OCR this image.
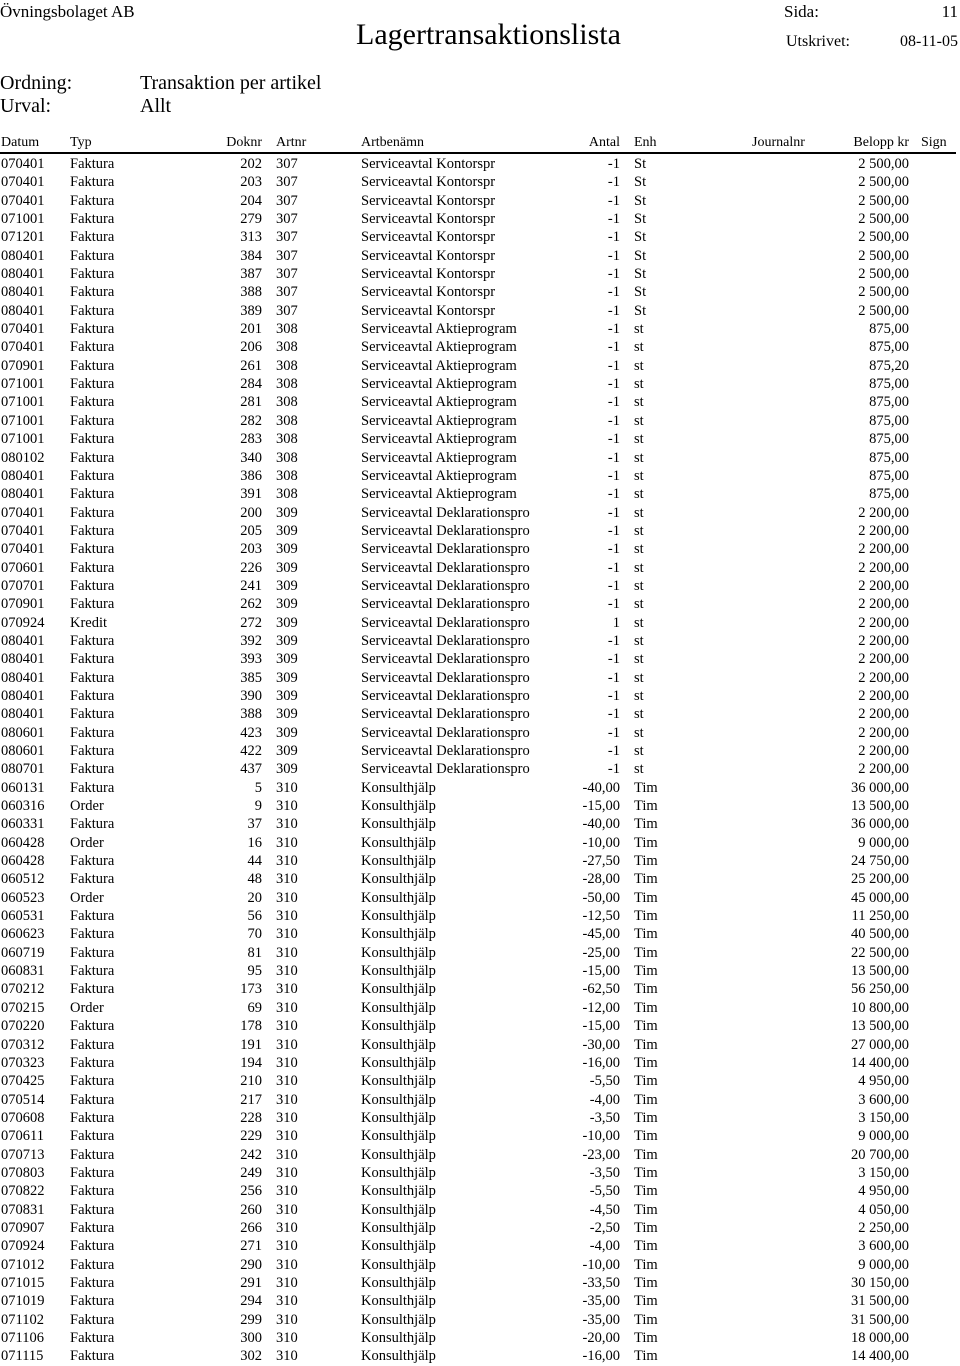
Övningsbolaget AB	Sida:	11
Lagertransaktionslista	Utskrivet:	08-11-05
Ordning:	Transaktion per artikel
Urval:	Allt
Datum Typ	Doknr Artnr	Artbenämn	Antal Enh	Journalnr	Belopp kr Sign
070401 Faktura	202 307	Serviceavtal Kontorspr	-1 St	2 500,00
070401 Faktura	203 307	Serviceavtal Kontorspr	-1 St	2 500,00
070401 Faktura	204 307	Serviceavtal Kontorspr	-1 St	2 500,00
071001 Faktura	279 307	Serviceavtal Kontorspr	-1 St	2 500,00
071201 Faktura	313 307	Serviceavtal Kontorspr	-1 St	2 500,00
080401 Faktura	384 307	Serviceavtal Kontorspr	-1 St	2 500,00
080401 Faktura	387 307	Serviceavtal Kontorspr	-1 St	2 500,00
080401 Faktura	388 307	Serviceavtal Kontorspr	-1 St	2 500,00
080401 Faktura	389 307	Serviceavtal Kontorspr	-1 St	2 500,00
070401 Faktura	201 308	Serviceavtal Aktieprogram	-1 st	875,00
070401 Faktura	206 308	Serviceavtal Aktieprogram	-1 st	875,00
070901 Faktura	261 308	Serviceavtal Aktieprogram	-1 st	875,20
071001 Faktura	284 308	Serviceavtal Aktieprogram	-1 st	875,00
071001 Faktura	281 308	Serviceavtal Aktieprogram	-1 st	875,00
071001 Faktura	282 308	Serviceavtal Aktieprogram	-1 st	875,00
071001 Faktura	283 308	Serviceavtal Aktieprogram	-1 st	875,00
080102 Faktura	340 308	Serviceavtal Aktieprogram	-1 st	875,00
080401 Faktura	386 308	Serviceavtal Aktieprogram	-1 st	875,00
080401 Faktura	391 308	Serviceavtal Aktieprogram	-1 st	875,00
070401 Faktura	200 309	Serviceavtal Deklarationspro	-1 st	2 200,00
070401 Faktura	205 309	Serviceavtal Deklarationspro	-1 st	2 200,00
070401 Faktura	203 309	Serviceavtal Deklarationspro	-1 st	2 200,00
070601 Faktura	226 309	Serviceavtal Deklarationspro	-1 st	2 200,00
070701 Faktura	241 309	Serviceavtal Deklarationspro	-1 st	2 200,00
070901 Faktura	262 309	Serviceavtal Deklarationspro	-1 st	2 200,00
070924 Kredit	272 309	Serviceavtal Deklarationspro	1 st	2 200,00
080401 Faktura	392 309	Serviceavtal Deklarationspro	-1 st	2 200,00
080401 Faktura	393 309	Serviceavtal Deklarationspro	-1 st	2 200,00
080401 Faktura	385 309	Serviceavtal Deklarationspro	-1 st	2 200,00
080401 Faktura	390 309	Serviceavtal Deklarationspro	-1 st	2 200,00
080401 Faktura	388 309	Serviceavtal Deklarationspro	-1 st	2 200,00
080601 Faktura	423 309	Serviceavtal Deklarationspro	-1 st	2 200,00
080601 Faktura	422 309	Serviceavtal Deklarationspro	-1 st	2 200,00
080701 Faktura	437 309	Serviceavtal Deklarationspro	-1 st	2 200,00
060131 Faktura	5 310	Konsulthjälp	-40,00 Tim	36 000,00
060316 Order	9 310	Konsulthjälp	-15,00 Tim	13 500,00
060331 Faktura	37 310	Konsulthjälp	-40,00 Tim	36 000,00
060428 Order	16 310	Konsulthjälp	-10,00 Tim	9 000,00
060428 Faktura	44 310	Konsulthjälp	-27,50 Tim	24 750,00
060512 Faktura	48 310	Konsulthjälp	-28,00 Tim	25 200,00
060523 Order	20 310	Konsulthjälp	-50,00 Tim	45 000,00
060531 Faktura	56 310	Konsulthjälp	-12,50 Tim	11 250,00
060623 Faktura	70 310	Konsulthjälp	-45,00 Tim	40 500,00
060719 Faktura	81 310	Konsulthjälp	-25,00 Tim	22 500,00
060831 Faktura	95 310	Konsulthjälp	-15,00 Tim	13 500,00
070212 Faktura	173 310	Konsulthjälp	-62,50 Tim	56 250,00
070215 Order	69 310	Konsulthjälp	-12,00 Tim	10 800,00
070220 Faktura	178 310	Konsulthjälp	-15,00 Tim	13 500,00
070312 Faktura	191 310	Konsulthjälp	-30,00 Tim	27 000,00
070323 Faktura	194 310	Konsulthjälp	-16,00 Tim	14 400,00
070425 Faktura	210 310	Konsulthjälp	-5,50 Tim	4 950,00
070514 Faktura	217 310	Konsulthjälp	-4,00 Tim	3 600,00
070608 Faktura	228 310	Konsulthjälp	-3,50 Tim	3 150,00
070611 Faktura	229 310	Konsulthjälp	-10,00 Tim	9 000,00
070713 Faktura	242 310	Konsulthjälp	-23,00 Tim	20 700,00
070803 Faktura	249 310	Konsulthjälp	-3,50 Tim	3 150,00
070822 Faktura	256 310	Konsulthjälp	-5,50 Tim	4 950,00
070831 Faktura	260 310	Konsulthjälp	-4,50 Tim	4 050,00
070907 Faktura	266 310	Konsulthjälp	-2,50 Tim	2 250,00
070924 Faktura	271 310	Konsulthjälp	-4,00 Tim	3 600,00
071012 Faktura	290 310	Konsulthjälp	-10,00 Tim	9 000,00
071015 Faktura	291 310	Konsulthjälp	-33,50 Tim	30 150,00
071019 Faktura	294 310	Konsulthjälp	-35,00 Tim	31 500,00
071102 Faktura	299 310	Konsulthjälp	-35,00 Tim	31 500,00
071106 Faktura	300 310	Konsulthjälp	-20,00 Tim	18 000,00
071115 Faktura	302 310	Konsulthjälp	-16,00 Tim	14 400,00
